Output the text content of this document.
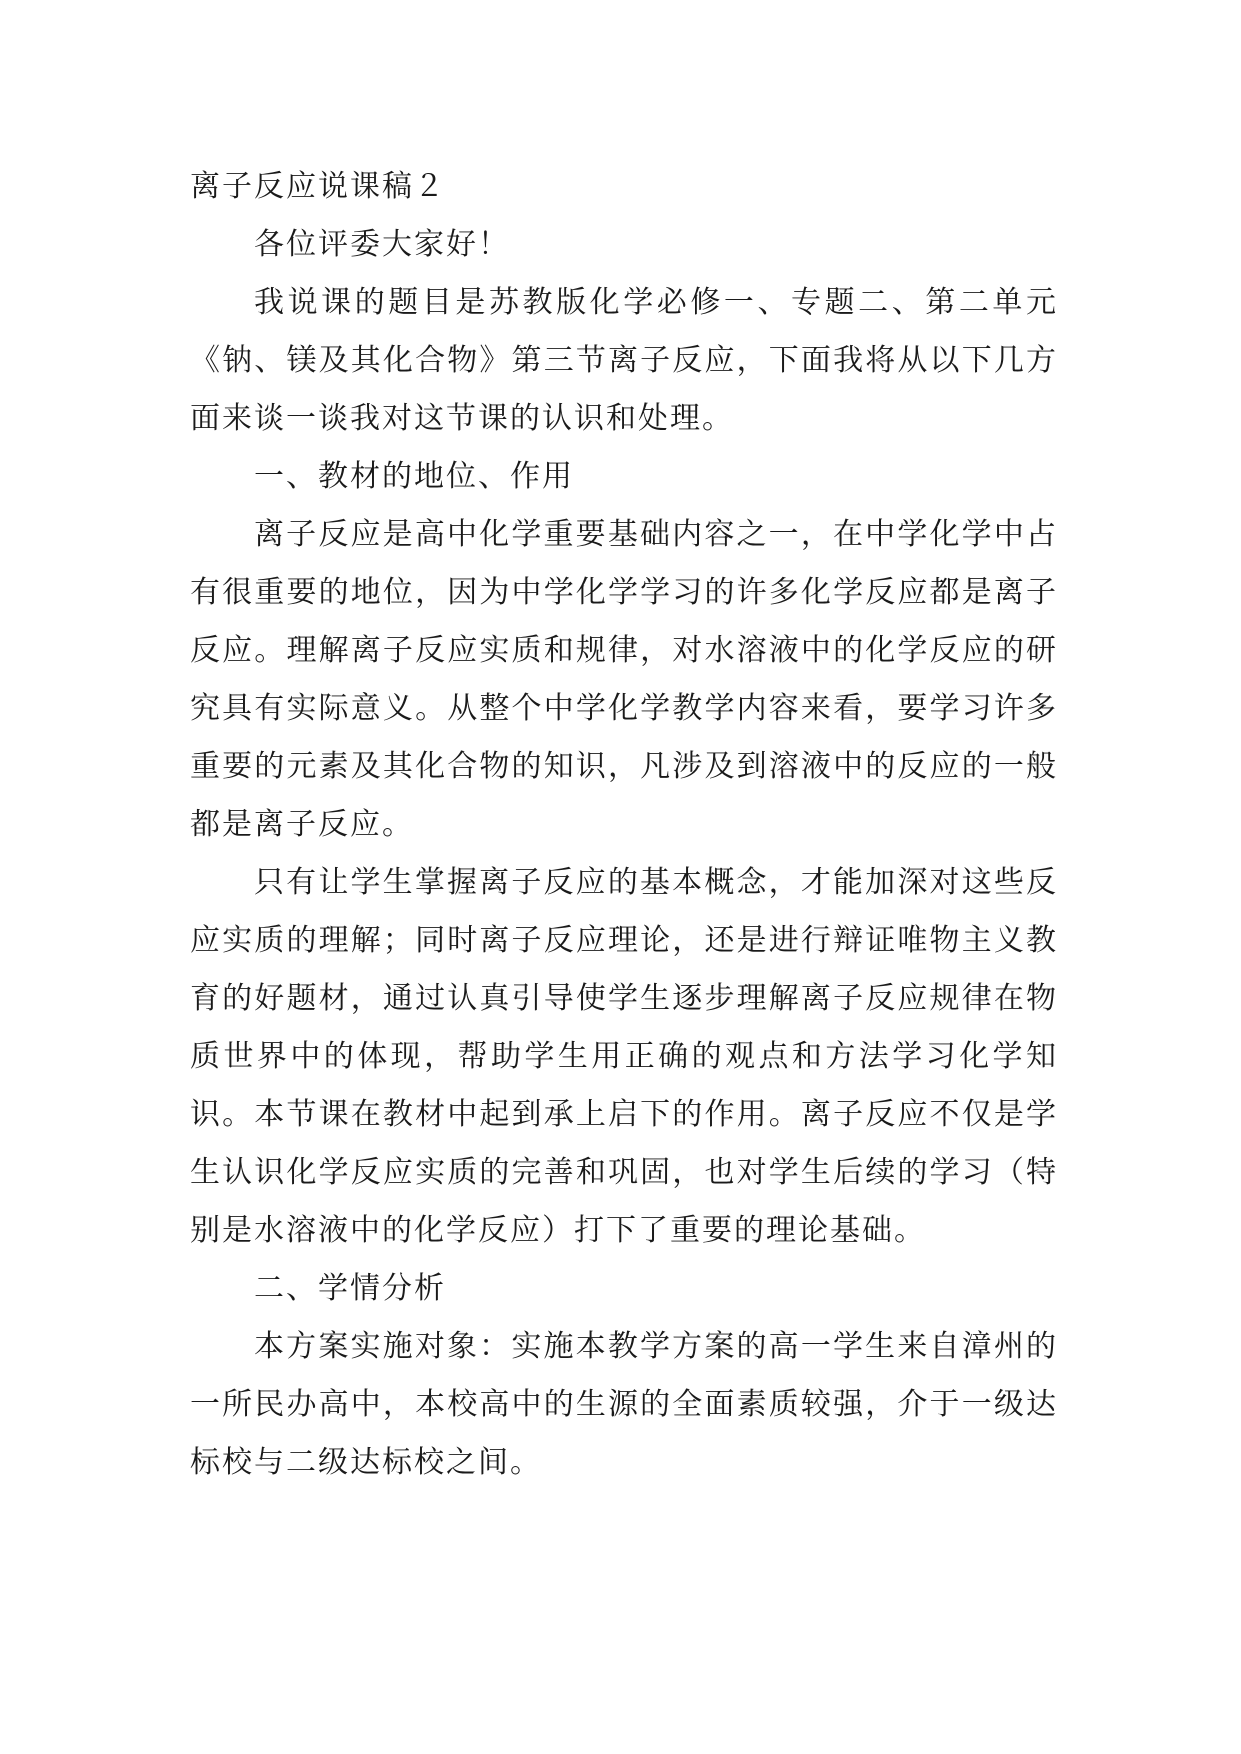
离子反应说课稿２

各位评委大家好！

我说课的题目是苏教版化学必修一、专题二、第二单元《钠、镁及其化合物》第三节离子反应，下面我将从以下几方面来谈一谈我对这节课的认识和处理。

一、教材的地位、作用

离子反应是高中化学重要基础内容之一，在中学化学中占有很重要的地位，因为中学化学学习的许多化学反应都是离子反应。理解离子反应实质和规律，对水溶液中的化学反应的研究具有实际意义。从整个中学化学教学内容来看，要学习许多重要的元素及其化合物的知识，凡涉及到溶液中的反应的一般都是离子反应。

只有让学生掌握离子反应的基本概念，才能加深对这些反应实质的理解；同时离子反应理论，还是进行辩证唯物主义教育的好题材，通过认真引导使学生逐步理解离子反应规律在物质世界中的体现，帮助学生用正确的观点和方法学习化学知识。本节课在教材中起到承上启下的作用。离子反应不仅是学生认识化学反应实质的完善和巩固，也对学生后续的学习（特别是水溶液中的化学反应）打下了重要的理论基础。

二、学情分析

本方案实施对象：实施本教学方案的高一学生来自漳州的一所民办高中，本校高中的生源的全面素质较强，介于一级达标校与二级达标校之间。
